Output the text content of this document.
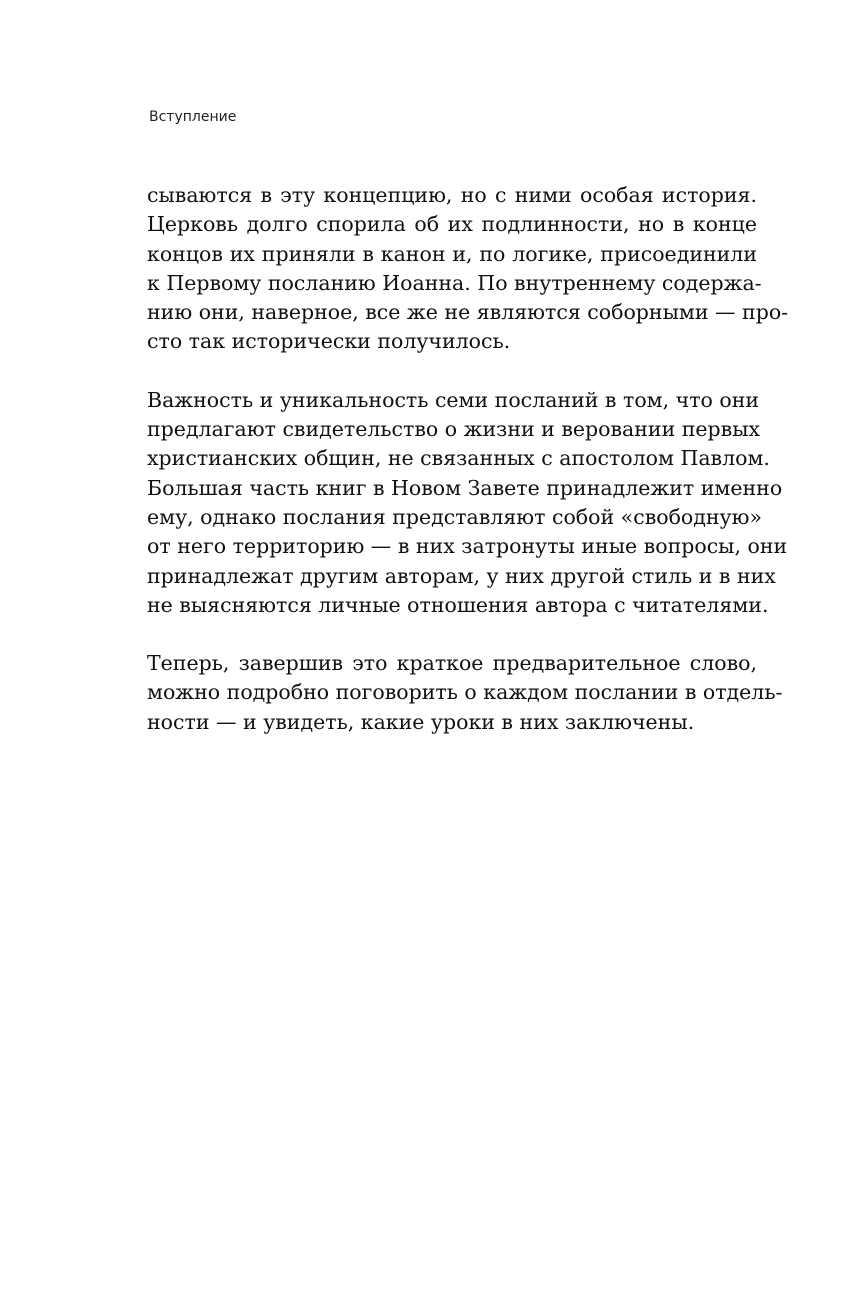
Вступление

сываются в эту концепцию, но с ними особая история.
Церковь долго спорила об их подлинности, но в конце
концов их приняли в канон и, по логике, присоединили
к Первому посланию Иоанна. По внутреннему содержа-
нию они, наверное, все же не являются соборными — про-
сто так исторически получилось.

Важность и уникальность семи посланий в том, что они
предлагают свидетельство о жизни и веровании первых
христианских общин, не связанных с апостолом Павлом.
Большая часть книг в Новом Завете принадлежит именно
ему, однако послания представляют собой «свободную»
от него территорию — в них затронуты иные вопросы, они
принадлежат другим авторам, у них другой стиль и в них
не выясняются личные отношения автора с читателями.

Теперь, завершив это краткое предварительное слово,
можно подробно поговорить о каждом послании в отдель-
ности — и увидеть, какие уроки в них заключены.
